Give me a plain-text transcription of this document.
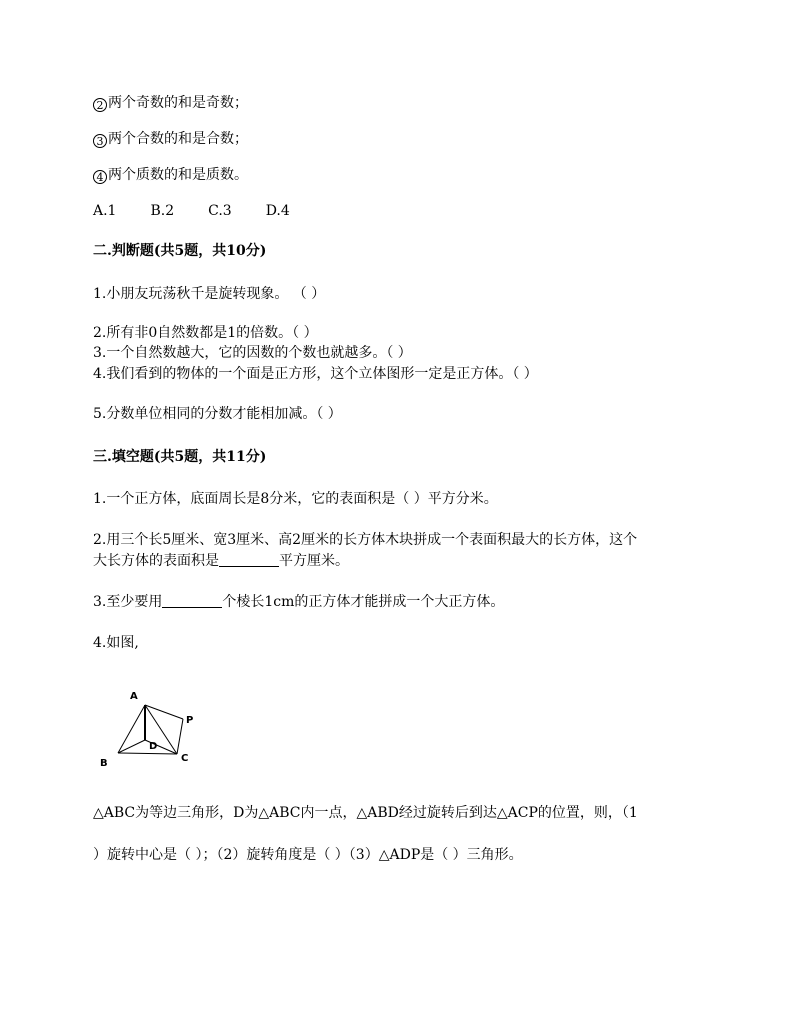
2 两个奇数的和是奇数；
3 两个合数的和是合数；
4 两个质数的和是质数。
A.1 B.2 C.3 D.4
二.判断题(共5题，共10分)
1.小朋友玩荡秋千是旋转现象。 （ ）
2.所有非0自然数都是1的倍数。（ ）
3.一个自然数越大，它的因数的个数也就越多。（ ）
4.我们看到的物体的一个面是正方形，这个立体图形一定是正方体。（ ）
5.分数单位相同的分数才能相加减。（ ）
三.填空题(共5题，共11分)
1.一个正方体，底面周长是8分米，它的表面积是（ ）平方分米。
2.用三个长5厘米、宽3厘米、高2厘米的长方体木块拼成一个表面积最大的长方体，这个
大长方体的表面积是	平方厘米。
3.至少要用	个棱长1cm的正方体才能拼成一个大正方体。
4.如图,
A
B	C
D
P
△ABC为等边三角形，D为△ABC内一点，△ABD经过旋转后到达△ACP的位置，则，（1
）旋转中心是（ ）；（2）旋转角度是（ ）（3）△ADP是（ ）三角形。
